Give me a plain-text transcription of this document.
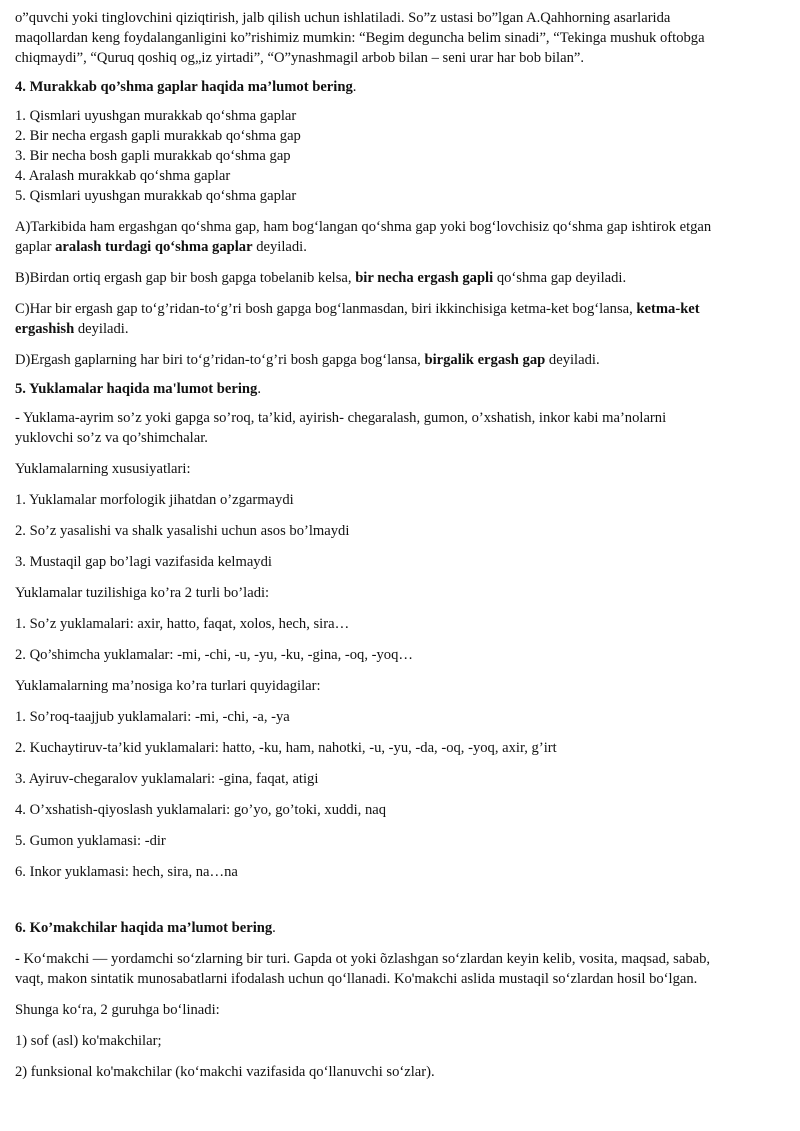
o”quvchi yoki tinglovchini qiziqtirish, jalb qilish uchun ishlatiladi. So”z ustasi bo”lgan A.Qahhorning asarlarida

maqollardan keng foydalanganligini ko”rishimiz mumkin: “Begim deguncha belim sinadi”, “Tekinga mushuk oftobga

chiqmaydi”, “Quruq qoshiq og„iz yirtadi”, “O”ynashmagil arbob bilan – seni urar har bob bilan”.

4. Murakkab qo’shma gaplar haqida ma’lumot bering.

1. Qismlari uyushgan murakkab qo‘shma gaplar

2. Bir necha ergash gapli murakkab qo‘shma gap

3. Bir necha bosh gapli murakkab qo‘shma gap

4. Aralash murakkab qo‘shma gaplar

5. Qismlari uyushgan murakkab qo‘shma gaplar

A)Tarkibida ham ergashgan qo‘shma gap, ham bog‘langan qo‘shma gap yoki bog‘lovchisiz qo‘shma gap ishtirok etgan
gaplar aralash turdagi qo‘shma gaplar deyiladi.

B)Birdan ortiq ergash gap bir bosh gapga tobelanib kelsa, bir necha ergash gapli qo‘shma gap deyiladi.

C)Har bir ergash gap to‘g’ridan-to‘g’ri bosh gapga bog‘lanmasdan, biri ikkinchisiga ketma-ket bog‘lansa, ketma-ket
ergashish deyiladi.

D)Ergash gaplarning har biri to‘g’ridan-to‘g’ri bosh gapga bog‘lansa, birgalik ergash gap deyiladi.

5. Yuklamalar haqida ma'lumot bering.

- Yuklama-ayrim so’z yoki gapga so’roq, ta’kid, ayirish- chegaralash, gumon, o’xshatish, inkor kabi ma’nolarni
yuklovchi so’z va qo’shimchalar.

Yuklamalarning xususiyatlari:

1. Yuklamalar morfologik jihatdan o’zgarmaydi

2. So’z yasalishi va shalk yasalishi uchun asos bo’lmaydi

3. Mustaqil gap bo’lagi vazifasida kelmaydi

Yuklamalar tuzilishiga ko’ra 2 turli bo’ladi:

1. So’z yuklamalari: axir, hatto, faqat, xolos, hech, sira…

2. Qo’shimcha yuklamalar: -mi, -chi, -u, -yu, -ku, -gina, -oq, -yoq…

Yuklamalarning ma’nosiga ko’ra turlari quyidagilar:

1. So’roq-taajjub yuklamalari: -mi, -chi, -a, -ya

2. Kuchaytiruv-ta’kid yuklamalari: hatto, -ku, ham, nahotki, -u, -yu, -da, -oq, -yoq, axir, g’irt

3. Ayiruv-chegaralov yuklamalari: -gina, faqat, atigi

4. O’xshatish-qiyoslash yuklamalari: go’yo, go’toki, xuddi, naq

5. Gumon yuklamasi: -dir

6. Inkor yuklamasi: hech, sira, na…na

6. Ko’makchilar haqida ma’lumot bering.

- Ko‘makchi — yordamchi so‘zlarning bir turi. Gapda ot yoki õzlashgan so‘zlardan keyin kelib, vosita, maqsad, sabab,
vaqt, makon sintatik munosabatlarni ifodalash uchun qo‘llanadi. Ko'makchi aslida mustaqil so‘zlardan hosil bo‘lgan.

Shunga ko‘ra, 2 guruhga bo‘linadi:

1) sof (asl) ko'makchilar;

2) funksional ko'makchilar (ko‘makchi vazifasida qo‘llanuvchi so‘zlar).
